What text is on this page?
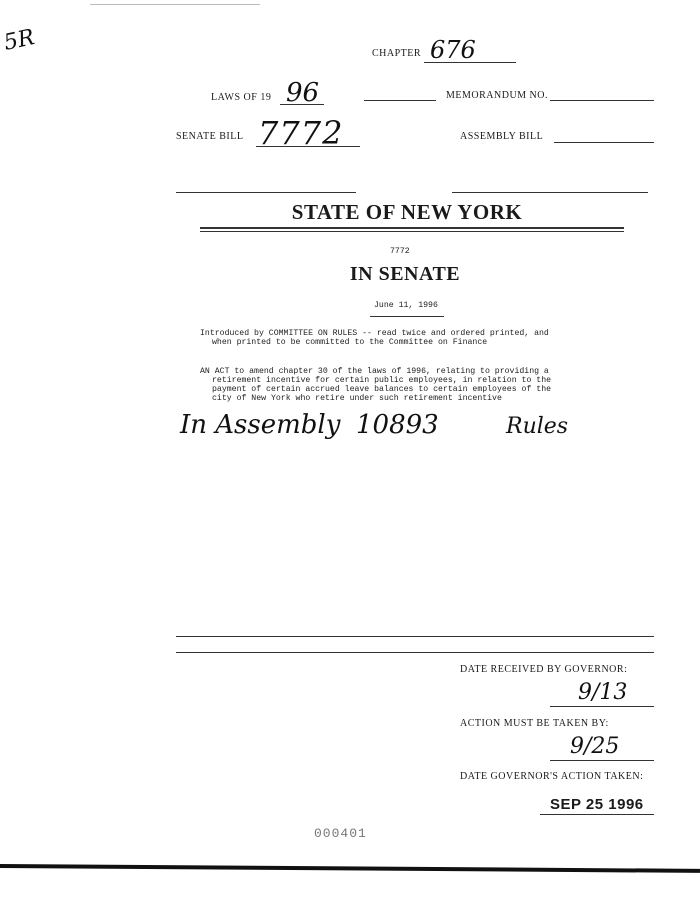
5R	CHAPTER 676
LAWS OF 19 96	MEMORANDUM NO.
SENATE BILL 7772	ASSEMBLY BILL
STATE OF NEW YORK
7772
IN SENATE
June 11, 1996
Introduced by COMMITTEE ON RULES -- read twice and ordered printed, and
when printed to be committed to the Committee on Finance
AN ACT to amend chapter 30 of the laws of 1996, relating to providing a
retirement incentive for certain public employees, in relation to the
payment of certain accrued leave balances to certain employees of the
city of New York who retire under such retirement incentive
In Assembly 10893	Rules
DATE RECEIVED BY GOVERNOR:
9/13
ACTION MUST BE TAKEN BY:
9/25
DATE GOVERNOR'S ACTION TAKEN:
SEP 25 1996
000401
